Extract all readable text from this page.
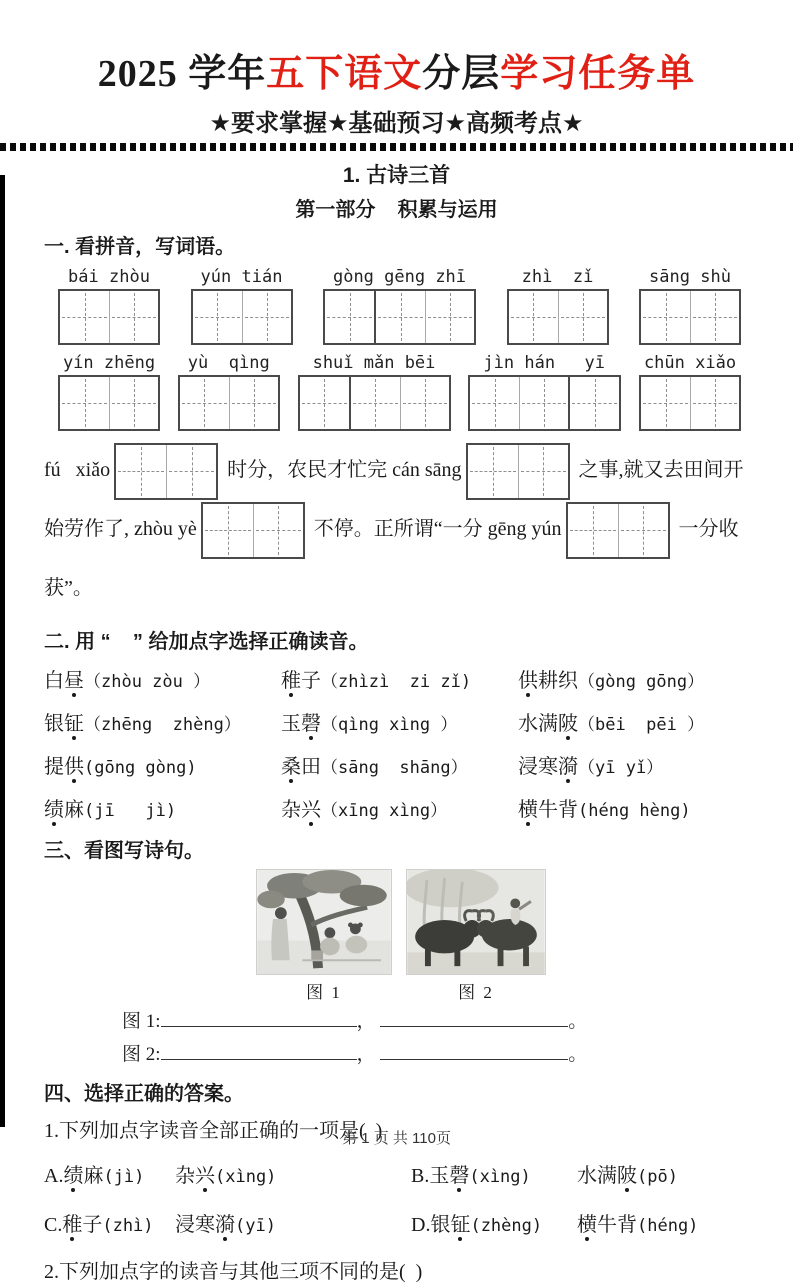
2025 学年五下语文分层学习任务单
★要求掌握★基础预习★高频考点★
1. 古诗三首
第一部分    积累与运用
一. 看拼音，写词语。
bái zhòu	yún tián	gòng gēng zhī	zhì  zǐ	sāng shù
yín zhēng	yù  qìng	shuǐ mǎn bēi	jìn hán	yī	chūn xiǎo
fú   xiǎo	时分，农民才忙完 cán sāng	之事,就又去田间开始劳作了, zhòu yè	不停。正所谓“一分 gēng yún	一分收获”。
二. 用 “    ” 给加点字选择正确读音。
白昼（zhòu zòu ）	稚子（zhìzì  zi zǐ)	供耕织（gòng gōng）
银钲（zhēng  zhèng）	玉磬（qìng xìng ）	水满陂（bēi  pēi ）
提供(gōng gòng)	桑田（sāng  shāng）	浸寒漪（yī yǐ）
绩麻(jī   jì)	杂兴（xīng xìng）	横牛背(héng hèng)
三、看图写诗句。
图 1	图 2
图 1:	，	。
图 2:	，	。
四、选择正确的答案。
1.下列加点字读音全部正确的一项是(  )
A.绩麻(jì)	杂兴(xìng)	B.玉磬(xìng)	水满陂(pō)
C.稚子(zhì)	浸寒漪(yī)	D.银钲(zhèng)	横牛背(héng)
2.下列加点字的读音与其他三项不同的是(  )
第 1 页 共 110页
